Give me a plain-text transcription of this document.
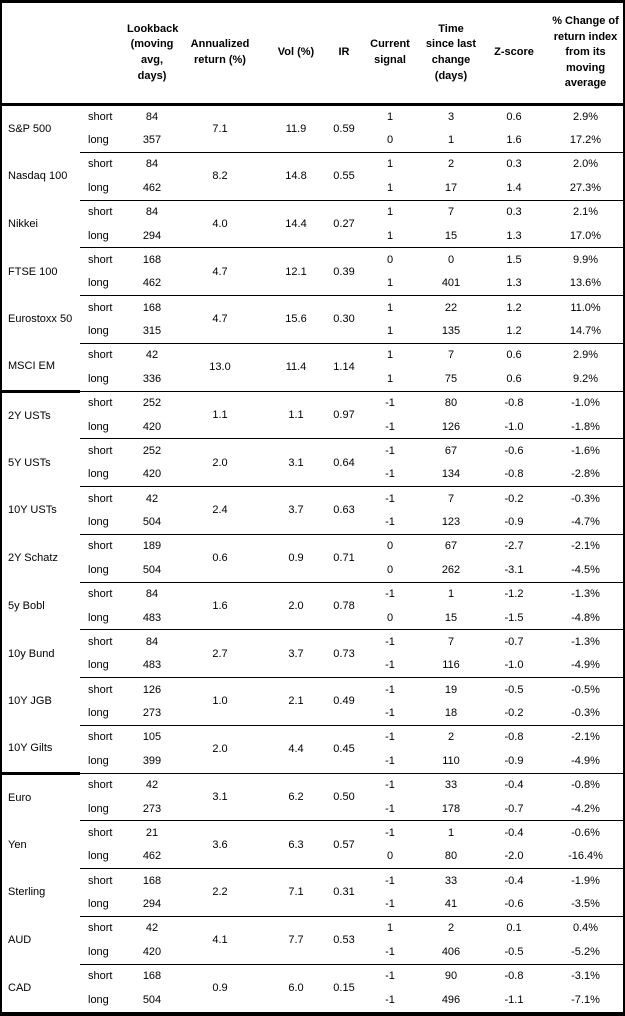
		Lookback (moving avg, days)	Annualized return (%)	Vol (%)	IR	Current signal	Time since last change (days)	Z-score	% Change of return index from its moving average
S&P 500	short	84	7.1	11.9	0.59	1	3	0.6	2.9%
	long	357				0	1	1.6	17.2%
Nasdaq 100	short	84	8.2	14.8	0.55	1	2	0.3	2.0%
	long	462				1	17	1.4	27.3%
Nikkei	short	84	4.0	14.4	0.27	1	7	0.3	2.1%
	long	294				1	15	1.3	17.0%
FTSE 100	short	168	4.7	12.1	0.39	0	0	1.5	9.9%
	long	462				1	401	1.3	13.6%
Eurostoxx 50	short	168	4.7	15.6	0.30	1	22	1.2	11.0%
	long	315				1	135	1.2	14.7%
MSCI EM	short	42	13.0	11.4	1.14	1	7	0.6	2.9%
	long	336				1	75	0.6	9.2%
2Y USTs	short	252	1.1	1.1	0.97	-1	80	-0.8	-1.0%
	long	420				-1	126	-1.0	-1.8%
5Y USTs	short	252	2.0	3.1	0.64	-1	67	-0.6	-1.6%
	long	420				-1	134	-0.8	-2.8%
10Y USTs	short	42	2.4	3.7	0.63	-1	7	-0.2	-0.3%
	long	504				-1	123	-0.9	-4.7%
2Y Schatz	short	189	0.6	0.9	0.71	0	67	-2.7	-2.1%
	long	504				0	262	-3.1	-4.5%
5y Bobl	short	84	1.6	2.0	0.78	-1	1	-1.2	-1.3%
	long	483				0	15	-1.5	-4.8%
10y Bund	short	84	2.7	3.7	0.73	-1	7	-0.7	-1.3%
	long	483				-1	116	-1.0	-4.9%
10Y JGB	short	126	1.0	2.1	0.49	-1	19	-0.5	-0.5%
	long	273				-1	18	-0.2	-0.3%
10Y Gilts	short	105	2.0	4.4	0.45	-1	2	-0.8	-2.1%
	long	399				-1	110	-0.9	-4.9%
Euro	short	42	3.1	6.2	0.50	-1	33	-0.4	-0.8%
	long	273				-1	178	-0.7	-4.2%
Yen	short	21	3.6	6.3	0.57	-1	1	-0.4	-0.6%
	long	462				0	80	-2.0	-16.4%
Sterling	short	168	2.2	7.1	0.31	-1	33	-0.4	-1.9%
	long	294				-1	41	-0.6	-3.5%
AUD	short	42	4.1	7.7	0.53	1	2	0.1	0.4%
	long	420				-1	406	-0.5	-5.2%
CAD	short	168	0.9	6.0	0.15	-1	90	-0.8	-3.1%
	long	504				-1	496	-1.1	-7.1%
